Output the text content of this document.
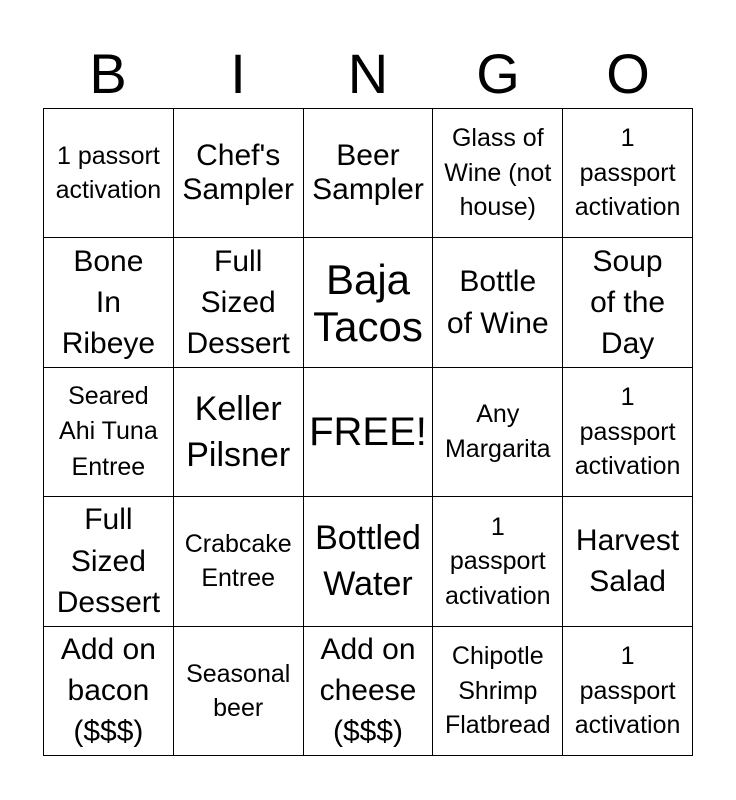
B	I	N	G	O
1 passort
activation
Chef's
Sampler
Beer
Sampler
Glass of
Wine (not
house)
1
passport
activation
Bone
In
Ribeye
Full
Sized
Dessert
Baja
Tacos
Bottle
of Wine
Soup
of the
Day
Seared
Ahi Tuna
Entree
Keller
Pilsner
FREE!	Any
Margarita
1
passport
activation
Full
Sized
Dessert
Crabcake
Entree
Bottled
Water
1
passport
activation
Harvest
Salad
Add on
bacon
($$$)
Seasonal
beer
Add on
cheese
($$$)
Chipotle
Shrimp
Flatbread
1
passport
activation
